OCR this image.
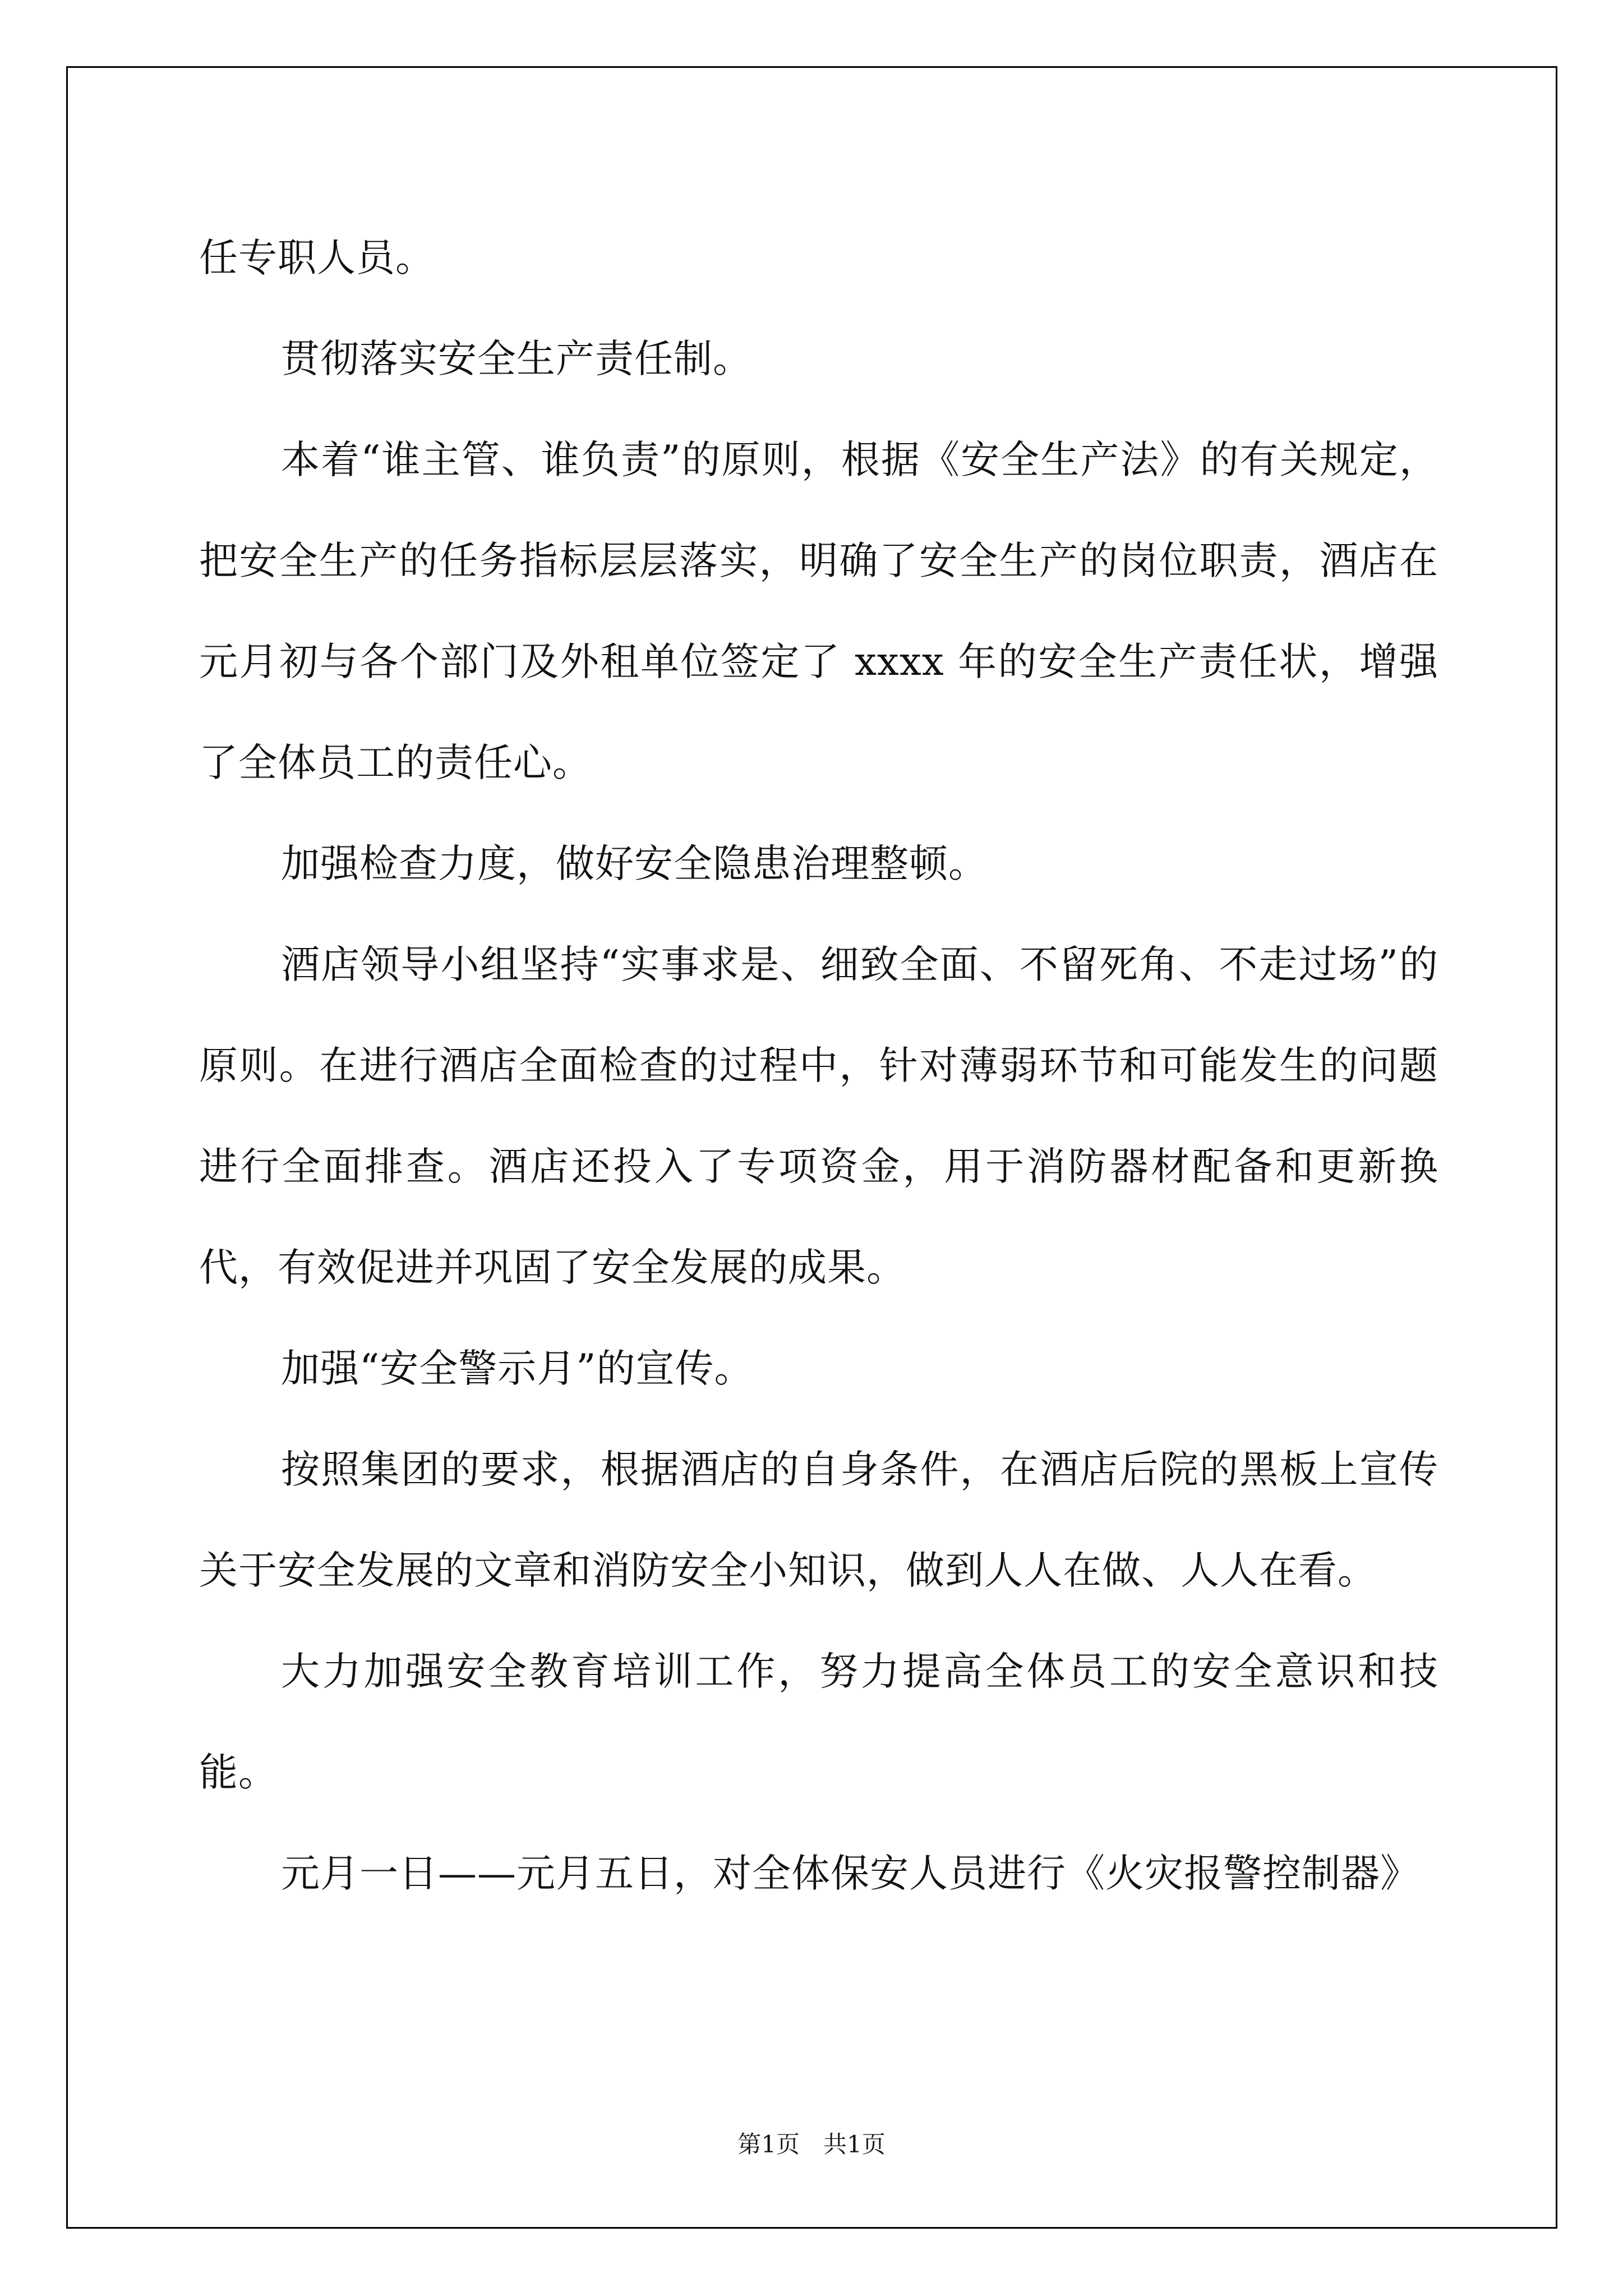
任专职人员。

贯彻落实安全生产责任制。

本着“谁主管、谁负责”的原则，根据《安全生产法》的有关规定，把安全生产的任务指标层层落实，明确了安全生产的岗位职责，酒店在元月初与各个部门及外租单位签定了 xxxx 年的安全生产责任状，增强了全体员工的责任心。

加强检查力度，做好安全隐患治理整顿。

酒店领导小组坚持“实事求是、细致全面、不留死角、不走过场”的原则。在进行酒店全面检查的过程中，针对薄弱环节和可能发生的问题进行全面排查。酒店还投入了专项资金，用于消防器材配备和更新换代，有效促进并巩固了安全发展的成果。

加强“安全警示月”的宣传。

按照集团的要求，根据酒店的自身条件，在酒店后院的黑板上宣传关于安全发展的文章和消防安全小知识，做到人人在做、人人在看。

大力加强安全教育培训工作，努力提高全体员工的安全意识和技能。

元月一日——元月五日，对全体保安人员进行《火灾报警控制器》

第1页　共1页
